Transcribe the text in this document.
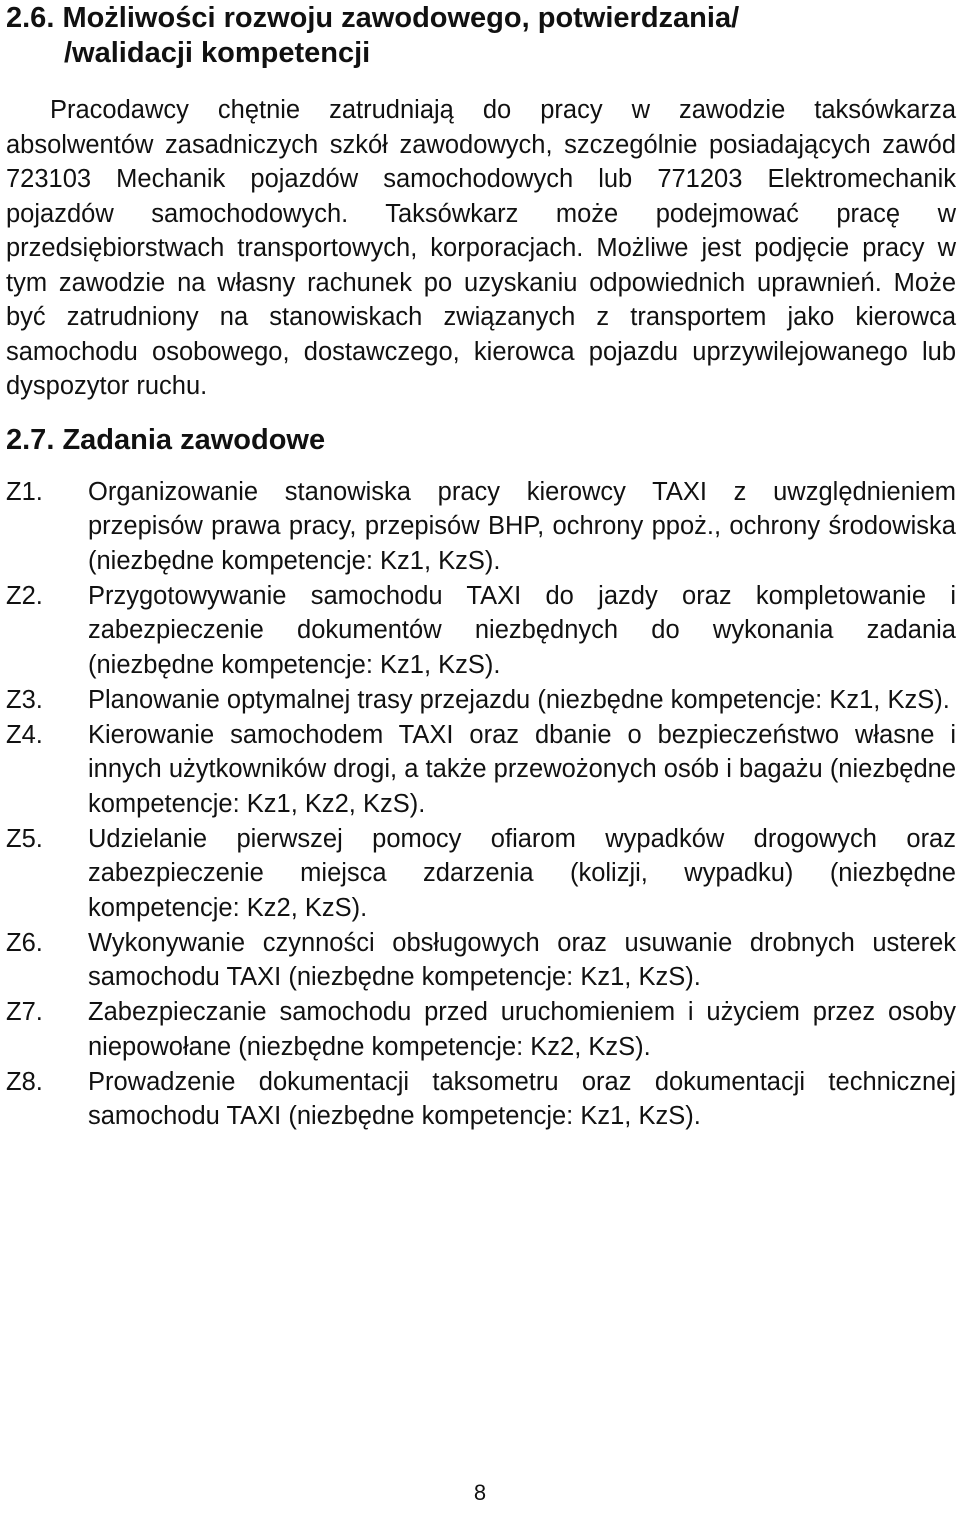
2.6. Możliwości rozwoju zawodowego, potwierdzania/
/walidacji kompetencji

Pracodawcy chętnie zatrudniają do pracy w zawodzie taksówkarza absolwentów zasadniczych szkół zawodowych, szczególnie posiadających zawód 723103 Mechanik pojazdów samochodowych lub 771203 Elektromechanik pojazdów samochodowych. Taksówkarz może podejmować pracę w przedsiębiorstwach transportowych, korporacjach. Możliwe jest podjęcie pracy w tym zawodzie na własny rachunek po uzyskaniu odpowiednich uprawnień. Może być zatrudniony na stanowiskach związanych z transportem jako kierowca samochodu osobowego, dostawczego, kierowca pojazdu uprzywilejowanego lub dyspozytor ruchu.

2.7. Zadania zawodowe
Z1. Organizowanie stanowiska pracy kierowcy TAXI z uwzględnieniem przepisów prawa pracy, przepisów BHP, ochrony ppoż., ochrony środowiska (niezbędne kompetencje: Kz1, KzS).
Z2. Przygotowywanie samochodu TAXI do jazdy oraz kompletowanie i zabezpieczenie dokumentów niezbędnych do wykonania zadania (niezbędne kompetencje: Kz1, KzS).
Z3. Planowanie optymalnej trasy przejazdu (niezbędne kompetencje: Kz1, KzS).
Z4. Kierowanie samochodem TAXI oraz dbanie o bezpieczeństwo własne i innych użytkowników drogi, a także przewożonych osób i bagażu (niezbędne kompetencje: Kz1, Kz2, KzS).
Z5. Udzielanie pierwszej pomocy ofiarom wypadków drogowych oraz zabezpieczenie miejsca zdarzenia (kolizji, wypadku) (niezbędne kompetencje: Kz2, KzS).
Z6. Wykonywanie czynności obsługowych oraz usuwanie drobnych usterek samochodu TAXI (niezbędne kompetencje: Kz1, KzS).
Z7. Zabezpieczanie samochodu przed uruchomieniem i użyciem przez osoby niepowołane (niezbędne kompetencje: Kz2, KzS).
Z8. Prowadzenie dokumentacji taksometru oraz dokumentacji technicznej samochodu TAXI (niezbędne kompetencje: Kz1, KzS).
8
